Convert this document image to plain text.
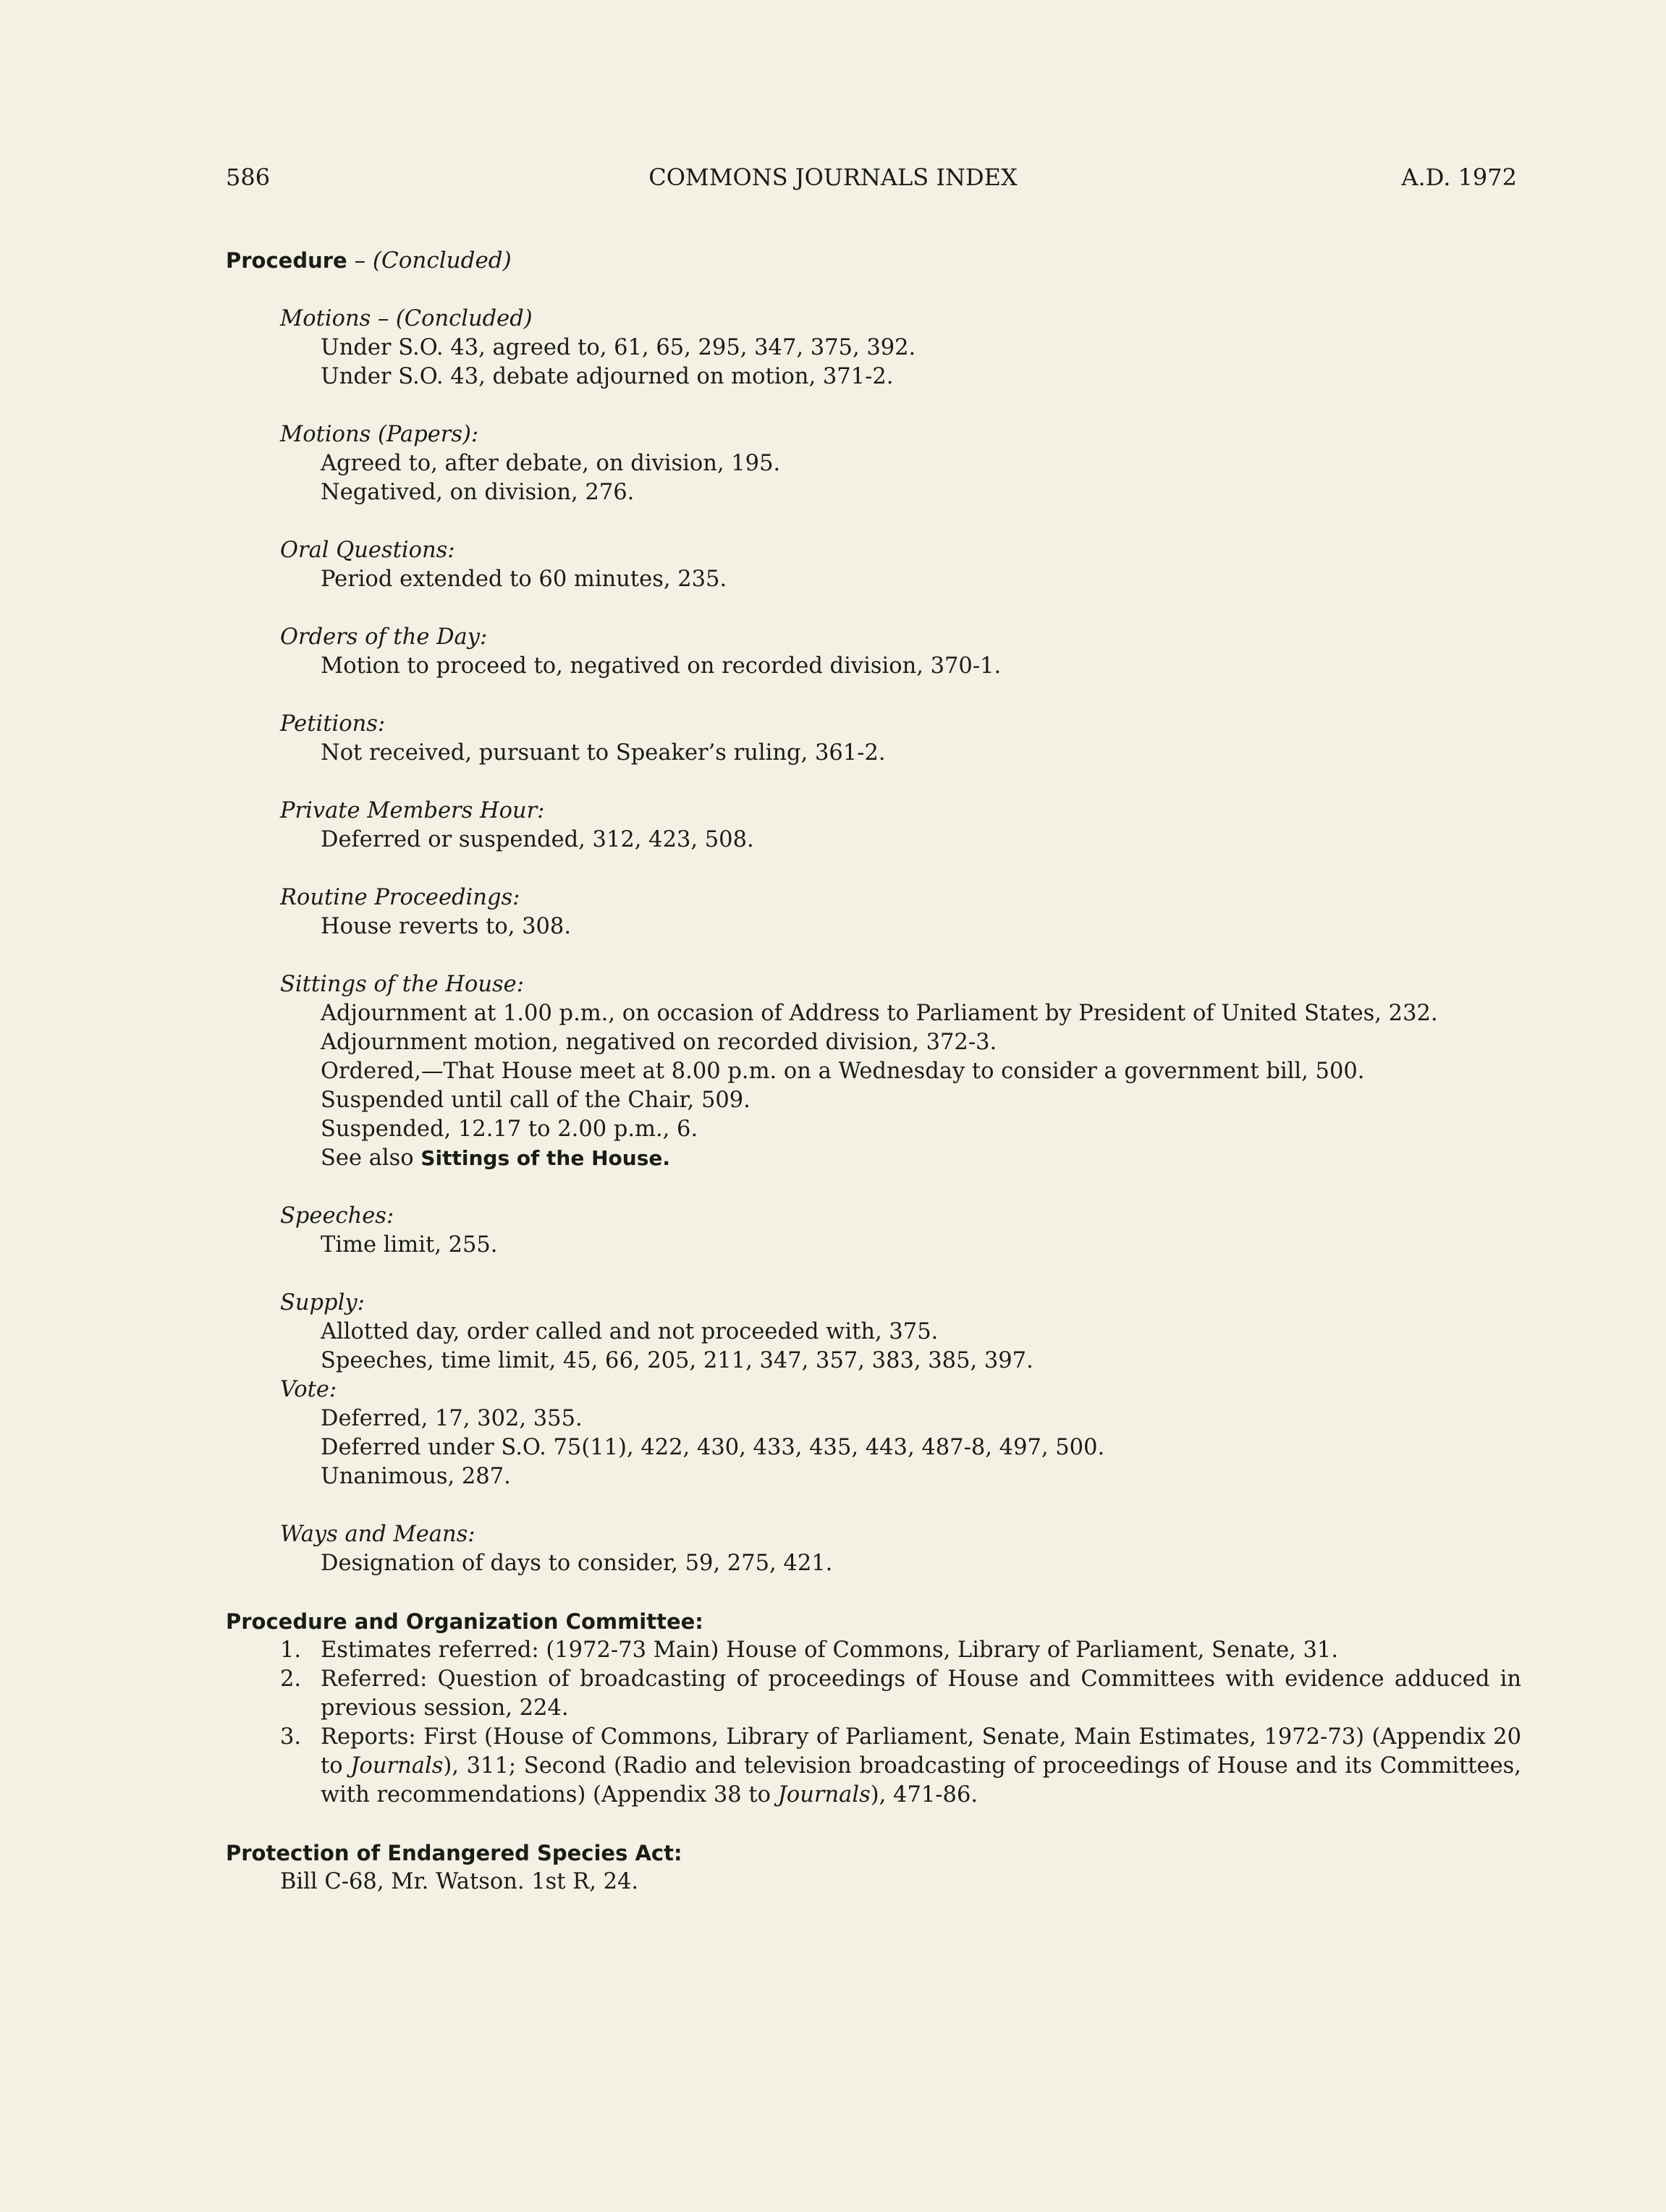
586	COMMONS JOURNALS INDEX	A.D. 1972
Procedure – (Concluded)
Motions – (Concluded)
Under S.O. 43, agreed to, 61, 65, 295, 347, 375, 392.
Under S.O. 43, debate adjourned on motion, 371-2.
Motions (Papers):
Agreed to, after debate, on division, 195.
Negatived, on division, 276.
Oral Questions:
Period extended to 60 minutes, 235.
Orders of the Day:
Motion to proceed to, negatived on recorded division, 370-1.
Petitions:
Not received, pursuant to Speaker’s ruling, 361-2.
Private Members Hour:
Deferred or suspended, 312, 423, 508.
Routine Proceedings:
House reverts to, 308.
Sittings of the House:
Adjournment at 1.00 p.m., on occasion of Address to Parliament by President of United States, 232.
Adjournment motion, negatived on recorded division, 372-3.
Ordered,—That House meet at 8.00 p.m. on a Wednesday to consider a government bill, 500.
Suspended until call of the Chair, 509.
Suspended, 12.17 to 2.00 p.m., 6.
See also Sittings of the House.
Speeches:
Time limit, 255.
Supply:
Allotted day, order called and not proceeded with, 375.
Speeches, time limit, 45, 66, 205, 211, 347, 357, 383, 385, 397.
Vote:
Deferred, 17, 302, 355.
Deferred under S.O. 75(11), 422, 430, 433, 435, 443, 487-8, 497, 500.
Unanimous, 287.
Ways and Means:
Designation of days to consider, 59, 275, 421.
Procedure and Organization Committee:
1. Estimates referred: (1972-73 Main) House of Commons, Library of Parliament, Senate, 31.
2. Referred: Question of broadcasting of proceedings of House and Committees with evidence adduced in previous session, 224.
3. Reports: First (House of Commons, Library of Parliament, Senate, Main Estimates, 1972-73) (Appendix 20 to Journals), 311; Second (Radio and television broadcasting of proceedings of House and its Committees, with recommendations) (Appendix 38 to Journals), 471-86.
Protection of Endangered Species Act:
Bill C-68, Mr. Watson. 1st R, 24.
